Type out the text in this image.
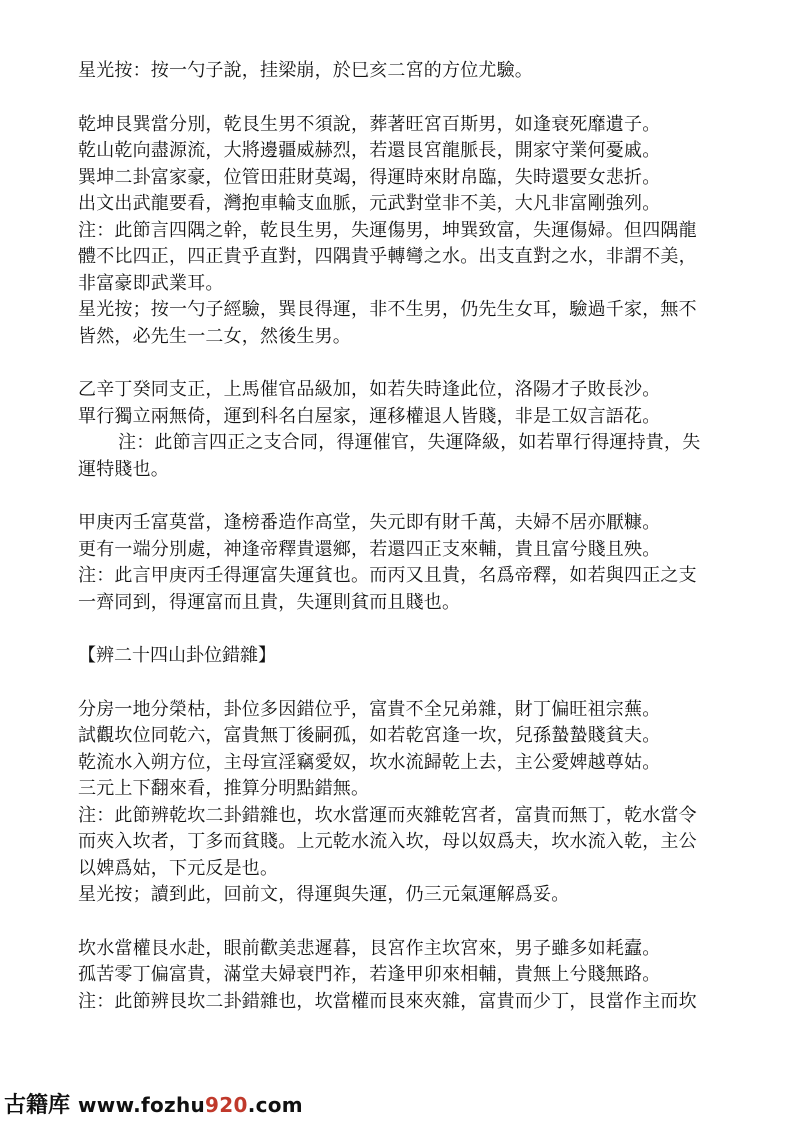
星光按：按一勺子說，挂梁崩，於巳亥二宮的方位尤驗。
乾坤艮巽當分別，乾艮生男不須說，葬著旺宮百斯男，如逢衰死靡遺子。
乾山乾向盡源流，大將邊疆威赫烈，若還艮宮龍脈長，開家守業何憂戚。
巽坤二卦富家豪，位管田莊財莫竭，得運時來財帛臨，失時還要女悲折。
出文出武龍要看，灣抱車輪支血脈，元武對堂非不美，大凡非富剛強列。
注：此節言四隅之幹，乾艮生男，失運傷男，坤巽致富，失運傷婦。但四隅龍
體不比四正，四正貴乎直對，四隅貴乎轉彎之水。出支直對之水，非謂不美，
非富豪即武業耳。
星光按；按一勺子經驗，巽艮得運，非不生男，仍先生女耳，驗過千家，無不
皆然，必先生一二女，然後生男。
乙辛丁癸同支正，上馬催官品級加，如若失時逢此位，洛陽才子敗長沙。
單行獨立兩無倚，運到科名白屋家，運移權退人皆賤，非是工奴言語花。
注：此節言四正之支合同，得運催官，失運降級，如若單行得運持貴，失
運特賤也。
甲庚丙壬富莫當，逢榜番造作高堂，失元即有財千萬，夫婦不居亦厭糠。
更有一端分別處，神逢帝釋貴還鄉，若還四正支來輔，貴且富兮賤且殃。
注：此言甲庚丙壬得運富失運貧也。而丙又且貴，名爲帝釋，如若與四正之支
一齊同到，得運富而且貴，失運則貧而且賤也。
【辨二十四山卦位錯雜】
分房一地分榮枯，卦位多因錯位乎，富貴不全兄弟雜，財丁偏旺祖宗蕪。
試觀坎位同乾六，富貴無丁後嗣孤，如若乾宮逢一坎，兒孫蟄蟄賤貧夫。
乾流水入朔方位，主母宣淫竊愛奴，坎水流歸乾上去，主公愛婢越尊姑。
三元上下翻來看，推算分明點錯無。
注：此節辨乾坎二卦錯雜也，坎水當運而夾雜乾宮者，富貴而無丁，乾水當令
而夾入坎者，丁多而貧賤。上元乾水流入坎，母以奴爲夫，坎水流入乾，主公
以婢爲姑，下元反是也。
星光按；讀到此，回前文，得運與失運，仍三元氣運解爲妥。
坎水當權艮水赴，眼前歡美悲遲暮，艮宮作主坎宮來，男子雖多如耗蠧。
孤苦零丁偏富貴，滿堂夫婦衰門祚，若逢甲卯來相輔，貴無上兮賤無路。
注：此節辨艮坎二卦錯雜也，坎當權而艮來夾雜，富貴而少丁，艮當作主而坎
古籍库 www.fozhu920.com
